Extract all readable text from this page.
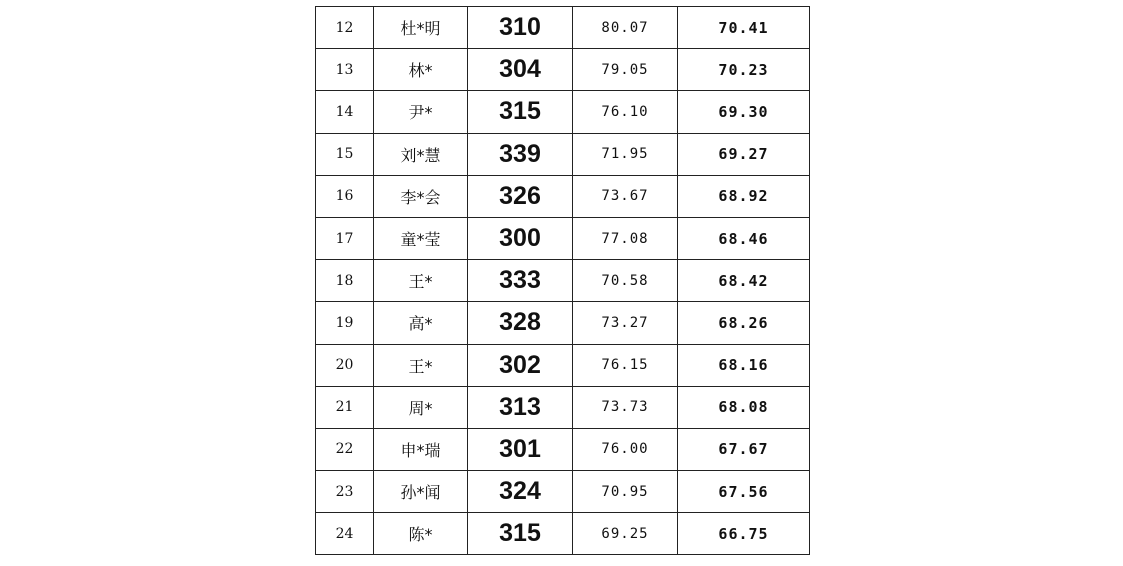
12	杜*明	310	80.07	70.41
13	林*	304	79.05	70.23
14	尹*	315	76.10	69.30
15	刘*慧	339	71.95	69.27
16	李*会	326	73.67	68.92
17	童*莹	300	77.08	68.46
18	王*	333	70.58	68.42
19	高*	328	73.27	68.26
20	王*	302	76.15	68.16
21	周*	313	73.73	68.08
22	申*瑞	301	76.00	67.67
23	孙*闻	324	70.95	67.56
24	陈*	315	69.25	66.75
